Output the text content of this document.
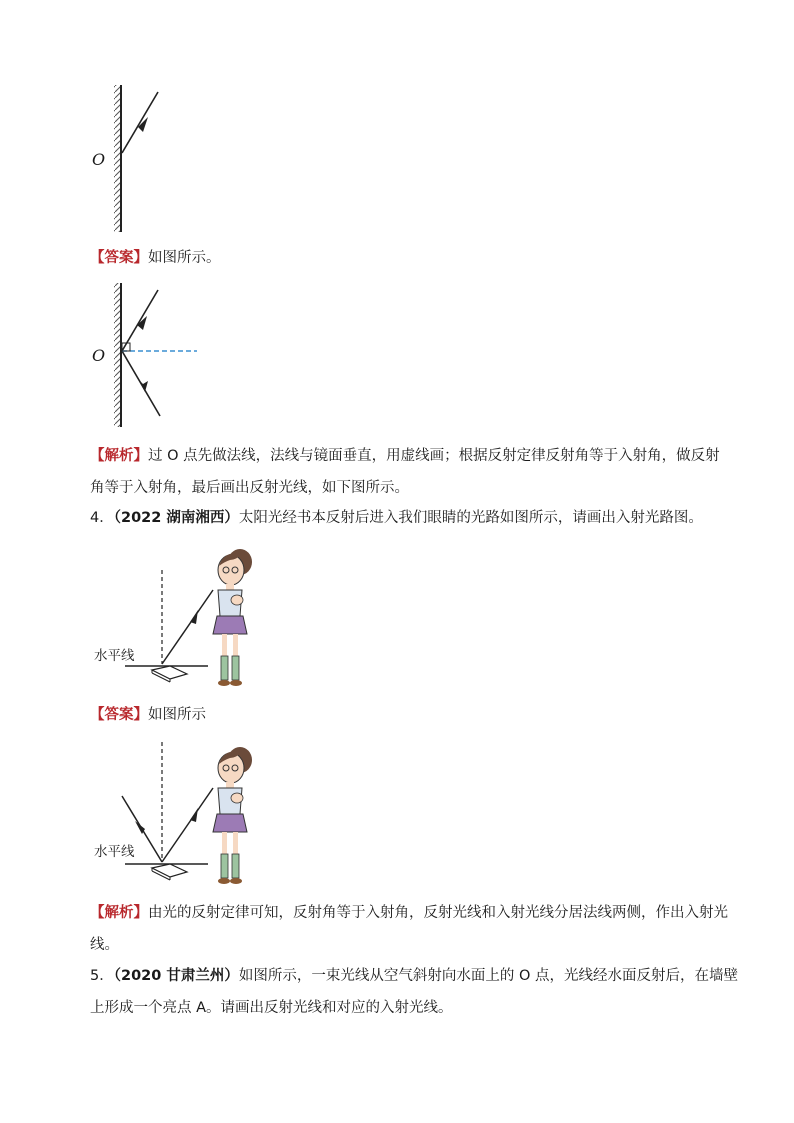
O
【答案】如图所示。
O
【解析】过 O 点先做法线，法线与镜面垂直，用虚线画；根据反射定律反射角等于入射角，做反射
角等于入射角，最后画出反射光线，如下图所示。
4．（2022 湖南湘西）太阳光经书本反射后进入我们眼睛的光路如图所示，请画出入射光路图。
水平线
【答案】如图所示
水平线
【解析】由光的反射定律可知，反射角等于入射角，反射光线和入射光线分居法线两侧，作出入射光
线。
5．（2020 甘肃兰州）如图所示，一束光线从空气斜射向水面上的 O 点，光线经水面反射后，在墙壁
上形成一个亮点 A。请画出反射光线和对应的入射光线。
